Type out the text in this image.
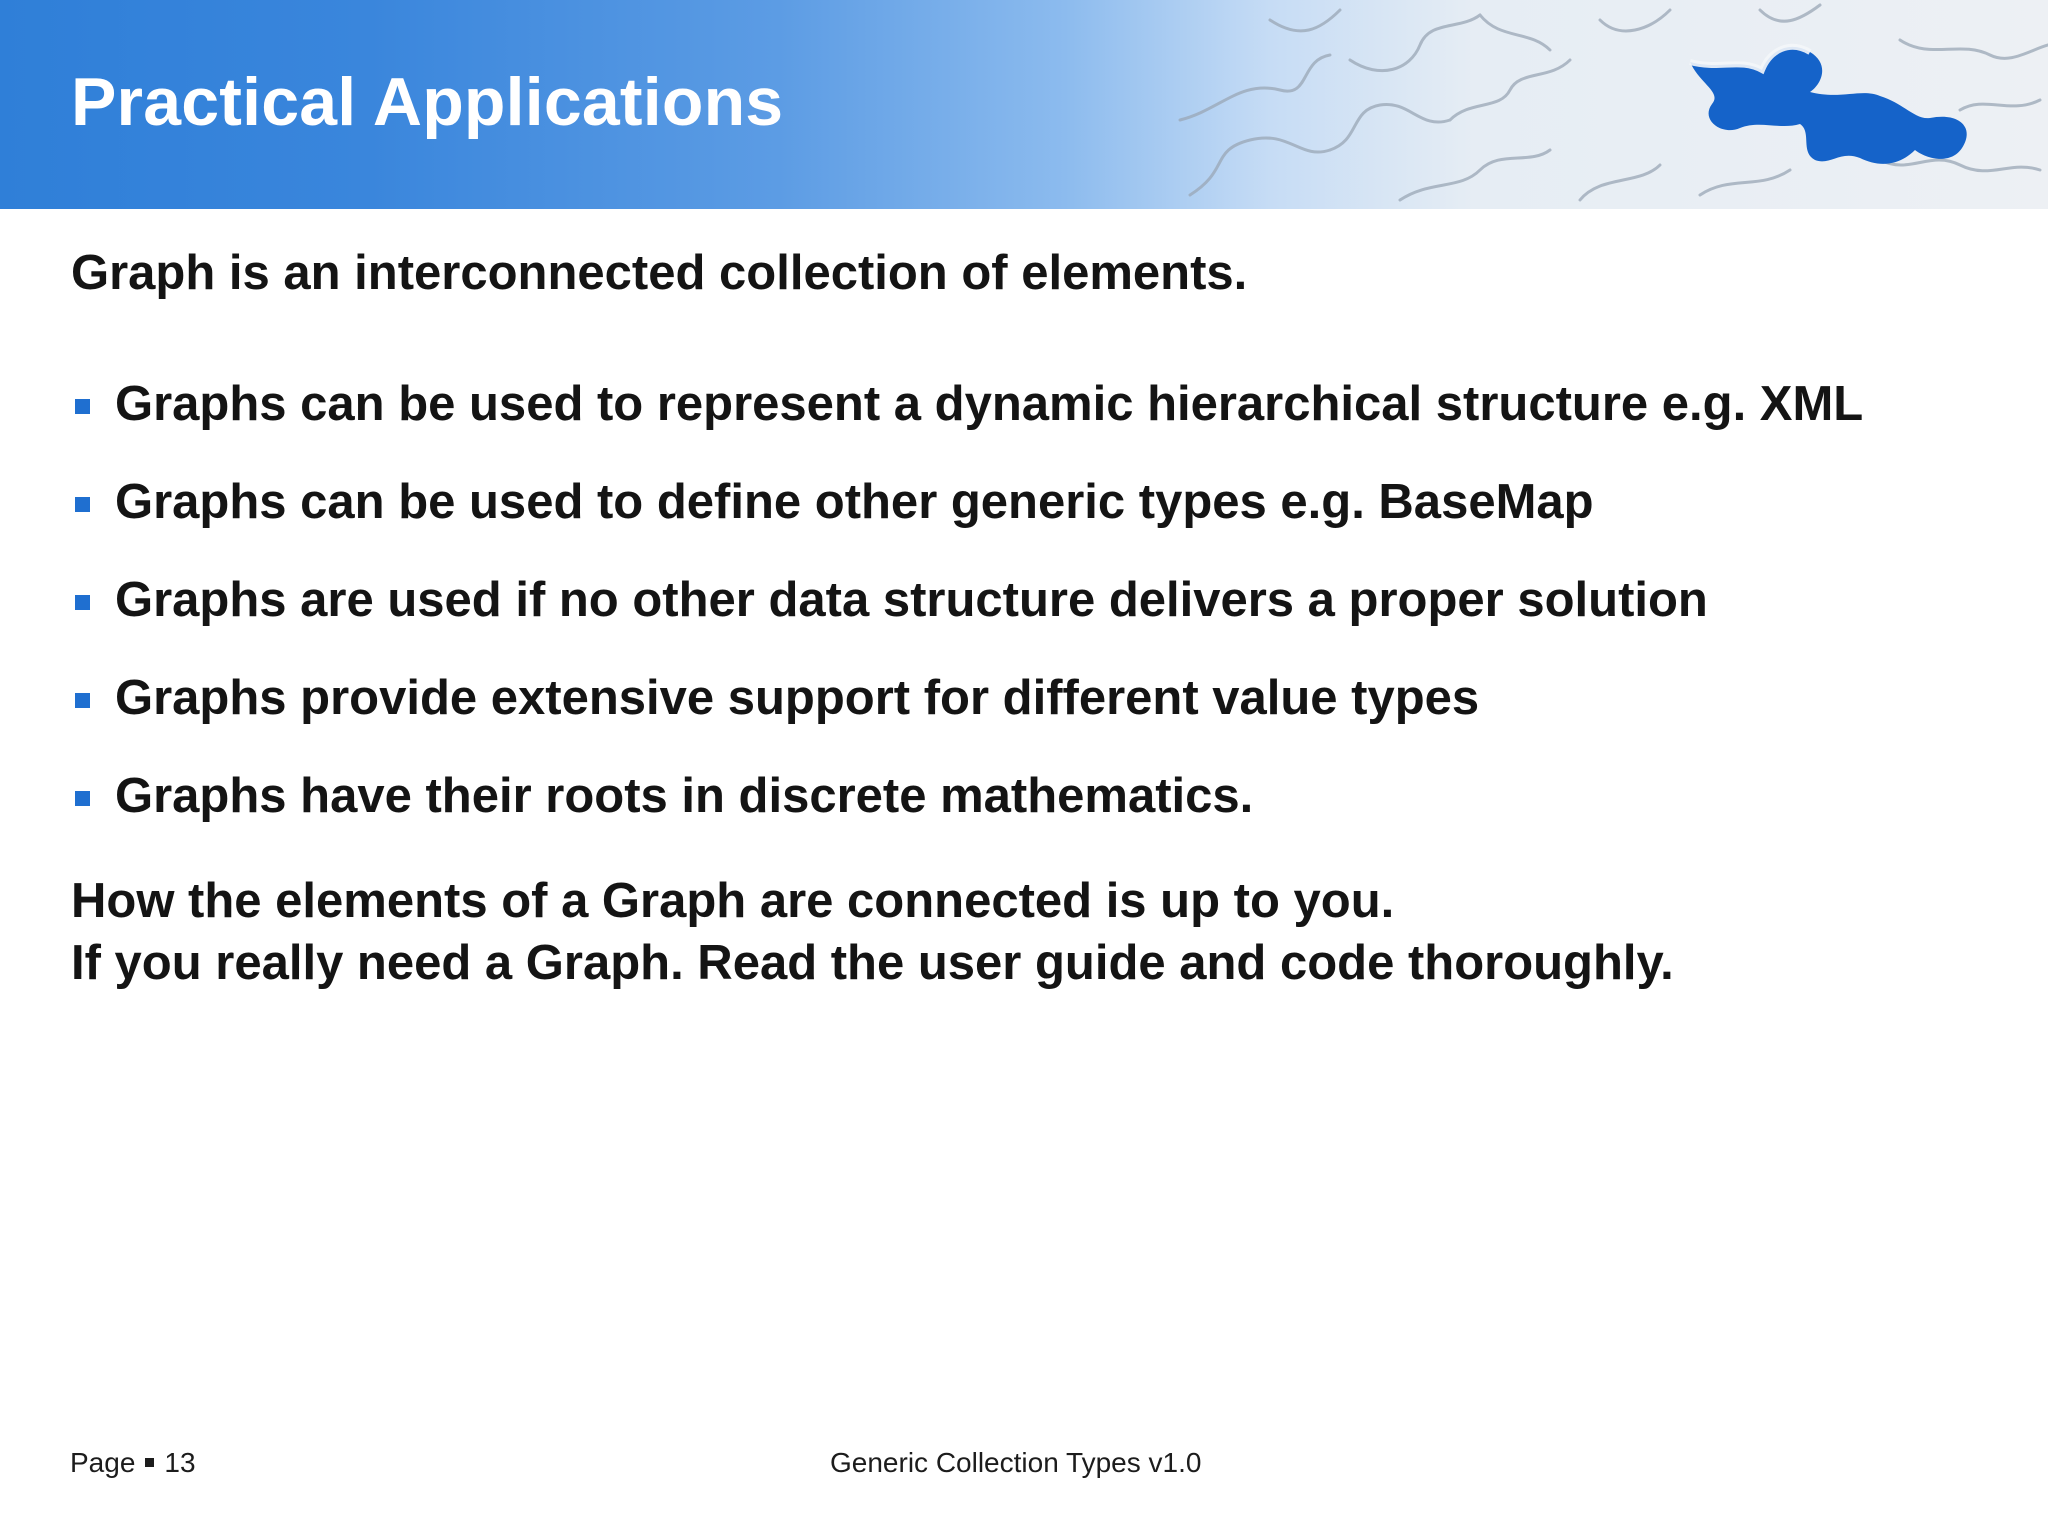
Practical Applications

Graph is an interconnected collection of elements.

Graphs can be used to represent a dynamic hierarchical structure e.g. XML
Graphs can be used to define other generic types e.g. BaseMap
Graphs are used if no other data structure delivers a proper solution
Graphs provide extensive support for different value types
Graphs have their roots in discrete mathematics.
How the elements of a Graph are connected is up to you.
If you really need a Graph. Read the user guide and code thoroughly.
Page 13	Generic Collection Types v1.0
